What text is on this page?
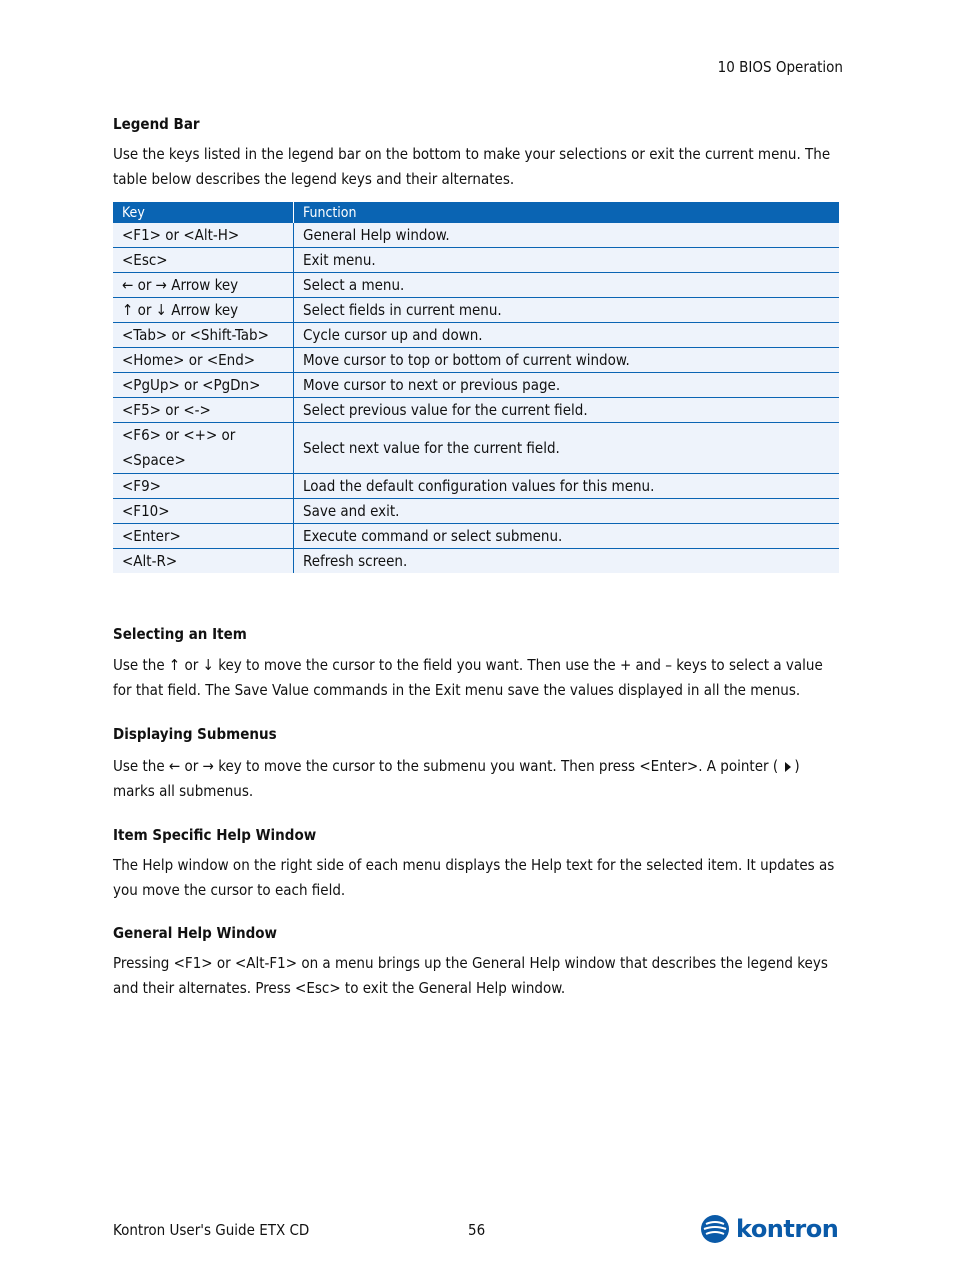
10 BIOS Operation
Legend Bar
Use the keys listed in the legend bar on the bottom to make your selections or exit the current menu. The table below describes the legend keys and their alternates.
Key	Function
<F1> or <Alt-H>	General Help window.
<Esc>	Exit menu.
← or → Arrow key	Select a menu.
↑ or ↓ Arrow key	Select fields in current menu.
<Tab> or <Shift-Tab>	Cycle cursor up and down.
<Home> or <End>	Move cursor to top or bottom of current window.
<PgUp> or <PgDn>	Move cursor to next or previous page.
<F5> or <->	Select previous value for the current field.
<F6> or <+> or <Space>	Select next value for the current field.
<F9>	Load the default configuration values for this menu.
<F10>	Save and exit.
<Enter>	Execute command or select submenu.
<Alt-R>	Refresh screen.
Selecting an Item
Use the ↑ or ↓ key to move the cursor to the field you want. Then use the + and – keys to select a value for that field. The Save Value commands in the Exit menu save the values displayed in all the menus.
Displaying Submenus
Use the ← or → key to move the cursor to the submenu you want. Then press <Enter>. A pointer ( ) marks all submenus.
Item Specific Help Window
The Help window on the right side of each menu displays the Help text for the selected item. It updates as you move the cursor to each field.
General Help Window
Pressing <F1> or <Alt-F1> on a menu brings up the General Help window that describes the legend keys and their alternates. Press <Esc> to exit the General Help window.
Kontron User's Guide ETX CD	56	kontron
